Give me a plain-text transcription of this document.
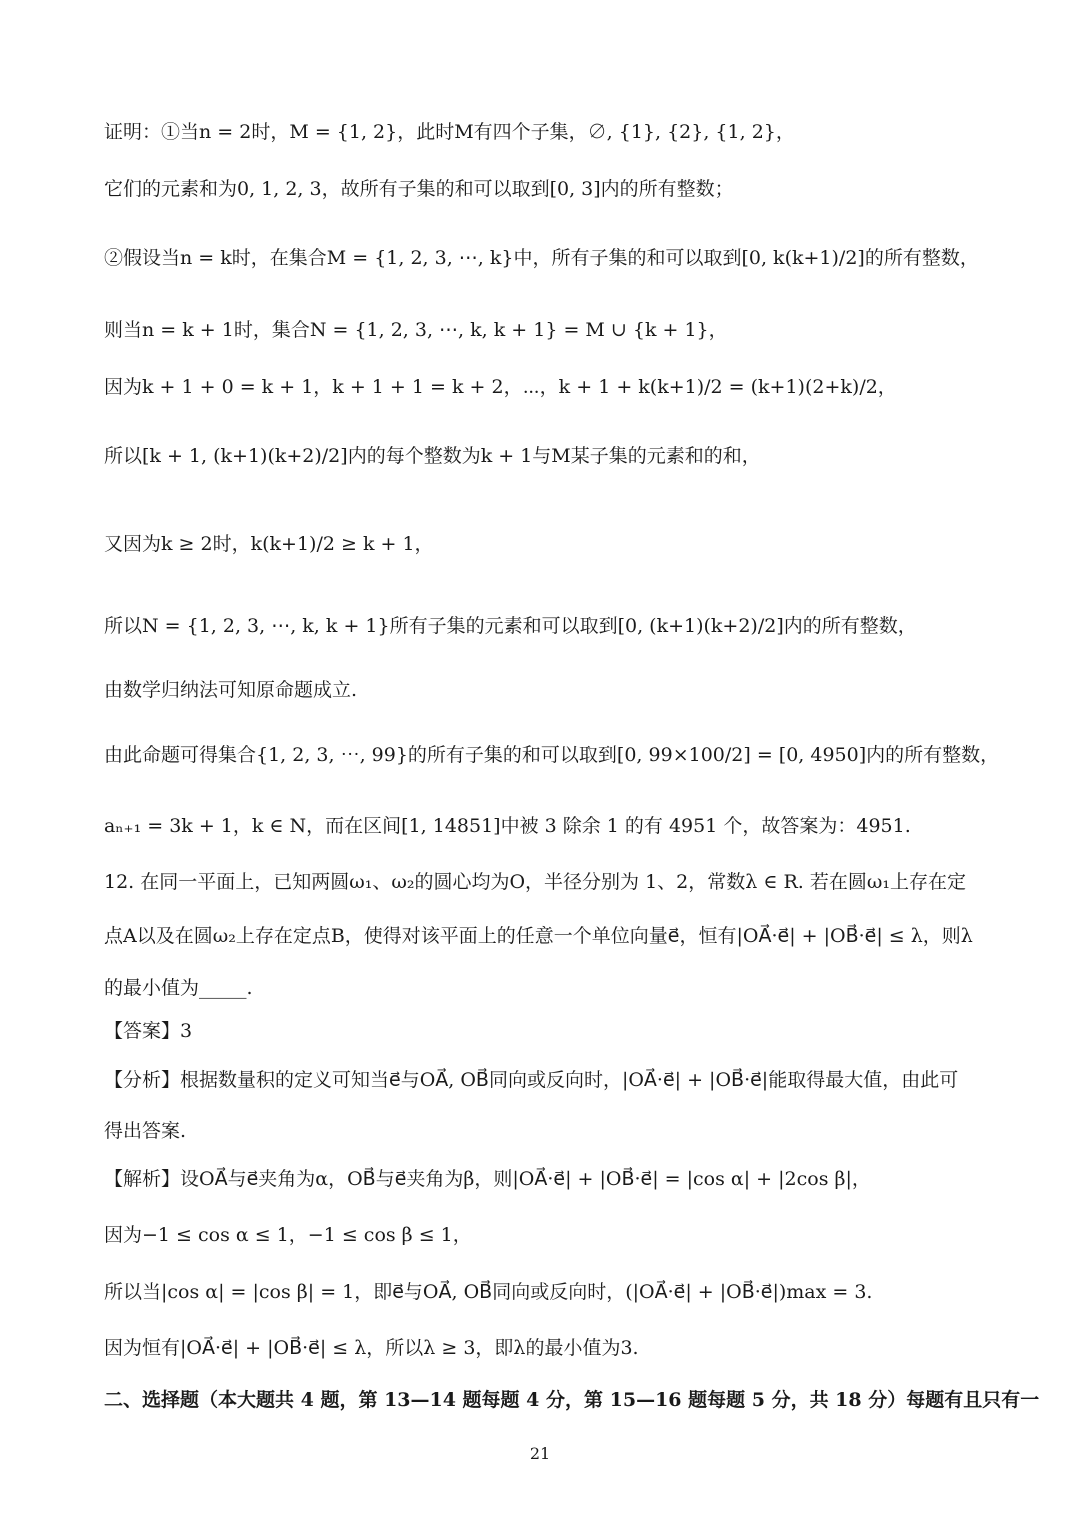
证明：①当n = 2时，M = {1, 2}，此时M有四个子集，∅, {1}, {2}, {1, 2}，
它们的元素和为0, 1, 2, 3，故所有子集的和可以取到[0, 3]内的所有整数；
②假设当n = k时，在集合M = {1, 2, 3, ⋯, k}中，所有子集的和可以取到[0, k(k+1)/2]的所有整数，
则当n = k + 1时，集合N = {1, 2, 3, ⋯, k, k + 1} = M ∪ {k + 1}，
因为k + 1 + 0 = k + 1，k + 1 + 1 = k + 2，⋯，k + 1 + k(k+1)/2 = (k+1)(2+k)/2，
所以[k + 1, (k+1)(k+2)/2]内的每个整数为k + 1与M某子集的元素和的和，
又因为k ≥ 2时，k(k+1)/2 ≥ k + 1，
所以N = {1, 2, 3, ⋯, k, k + 1}所有子集的元素和可以取到[0, (k+1)(k+2)/2]内的所有整数，
由数学归纳法可知原命题成立.
由此命题可得集合{1, 2, 3, ⋯, 99}的所有子集的和可以取到[0, 99×100/2] = [0, 4950]内的所有整数，
aₙ₊₁ = 3k + 1，k ∈ N，而在区间[1, 14851]中被 3 除余 1 的有 4951 个，故答案为：4951.
12. 在同一平面上，已知两圆ω₁、ω₂的圆心均为O，半径分别为 1、2，常数λ ∈ R. 若在圆ω₁上存在定
点A以及在圆ω₂上存在定点B，使得对该平面上的任意一个单位向量e⃗，恒有|OA⃗·e⃗| + |OB⃗·e⃗| ≤ λ，则λ
的最小值为_____.
【答案】3
【分析】根据数量积的定义可知当e⃗与OA⃗, OB⃗同向或反向时，|OA⃗·e⃗| + |OB⃗·e⃗|能取得最大值，由此可
得出答案.
【解析】设OA⃗与e⃗夹角为α，OB⃗与e⃗夹角为β，则|OA⃗·e⃗| + |OB⃗·e⃗| = |cos α| + |2cos β|，
因为−1 ≤ cos α ≤ 1，−1 ≤ cos β ≤ 1，
所以当|cos α| = |cos β| = 1，即e⃗与OA⃗, OB⃗同向或反向时，(|OA⃗·e⃗| + |OB⃗·e⃗|)max = 3.
因为恒有|OA⃗·e⃗| + |OB⃗·e⃗| ≤ λ，所以λ ≥ 3，即λ的最小值为3.
二、选择题（本大题共 4 题，第 13—14 题每题 4 分，第 15—16 题每题 5 分，共 18 分）每题有且只有一
21
